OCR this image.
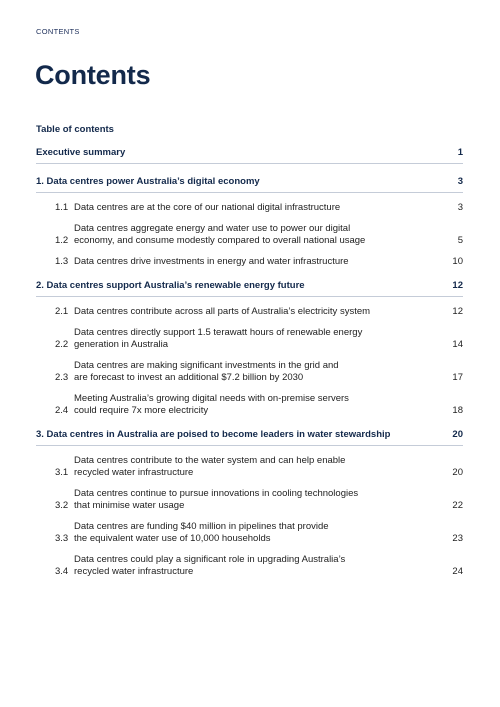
CONTENTS
Contents
Table of contents
Executive summary	1
1. Data centres power Australia’s digital economy	3
1.1 Data centres are at the core of our national digital infrastructure	3
1.2
Data centres aggregate energy and water use to power our digital
economy, and consume modestly compared to overall national usage	5
1.3 Data centres drive investments in energy and water infrastructure	10
2. Data centres support Australia’s renewable energy future	12
2.1 Data centres contribute across all parts of Australia’s electricity system	12
2.2
Data centres directly support 1.5 terawatt hours of renewable energy
generation in Australia	14
2.3
Data centres are making significant investments in the grid and
are forecast to invest an additional $7.2 billion by 2030	17
2.4
Meeting Australia’s growing digital needs with on-premise servers
could require 7x more electricity	18
3. Data centres in Australia are poised to become leaders in water stewardship	20
3.1
Data centres contribute to the water system and can help enable
recycled water infrastructure	20
3.2
Data centres continue to pursue innovations in cooling technologies
that minimise water usage	22
3.3
Data centres are funding $40 million in pipelines that provide
the equivalent water use of 10,000 households	23
3.4
Data centres could play a significant role in upgrading Australia’s
recycled water infrastructure	24
